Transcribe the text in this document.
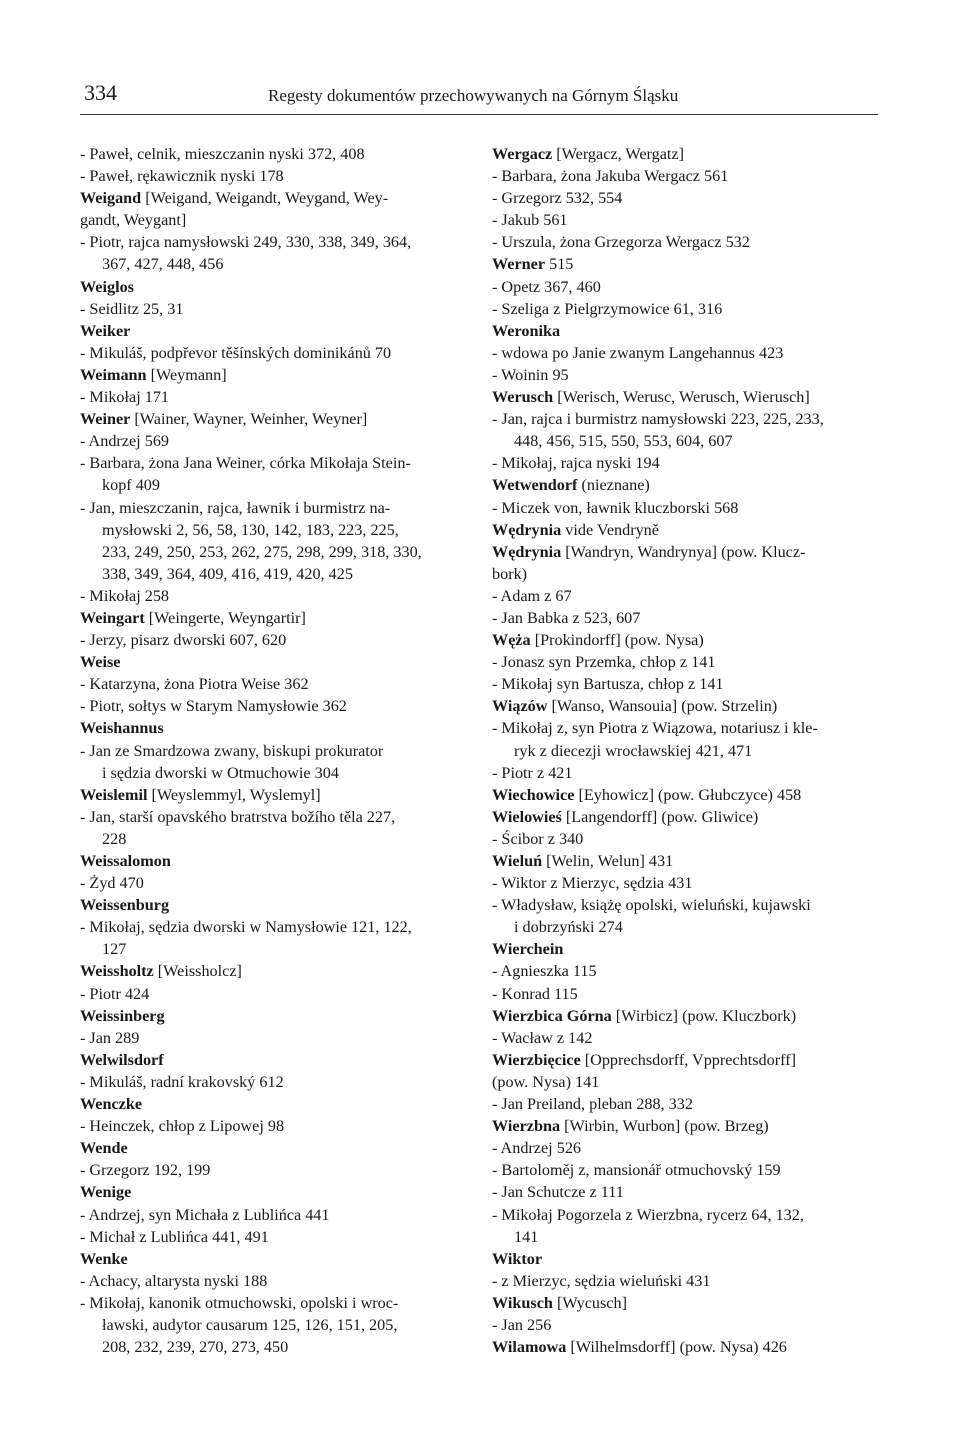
334	Regesty dokumentów przechowywanych na Górnym Śląsku
- Paweł, celnik, mieszczanin nyski 372, 408
- Paweł, rękawicznik nyski 178
Weigand [Weigand, Weigandt, Weygand, Wey-
gandt, Weygant]
- Piotr, rajca namysłowski 249, 330, 338, 349, 364,
367, 427, 448, 456
Weiglos
- Seidlitz 25, 31
Weiker
- Mikuláš, podpřevor těšínských dominikánů 70
Weimann [Weymann]
- Mikołaj 171
Weiner [Wainer, Wayner, Weinher, Weyner]
- Andrzej 569
- Barbara, żona Jana Weiner, córka Mikołaja Stein-
kopf 409
- Jan, mieszczanin, rajca, ławnik i burmistrz na-
mysłowski 2, 56, 58, 130, 142, 183, 223, 225,
233, 249, 250, 253, 262, 275, 298, 299, 318, 330,
338, 349, 364, 409, 416, 419, 420, 425
- Mikołaj 258
Weingart [Weingerte, Weyngartir]
- Jerzy, pisarz dworski 607, 620
Weise
- Katarzyna, żona Piotra Weise 362
- Piotr, sołtys w Starym Namysłowie 362
Weishannus
- Jan ze Smardzowa zwany, biskupi prokurator
i sędzia dworski w Otmuchowie 304
Weislemil [Weyslemmyl, Wyslemyl]
- Jan, starší opavského bratrstva božího těla 227,
228
Weissalomon
- Żyd 470
Weissenburg
- Mikołaj, sędzia dworski w Namysłowie 121, 122,
127
Weissholtz [Weissholcz]
- Piotr 424
Weissinberg
- Jan 289
Welwilsdorf
- Mikuláš, radní krakovský 612
Wenczke
- Heinczek, chłop z Lipowej 98
Wende
- Grzegorz 192, 199
Wenige
- Andrzej, syn Michała z Lublińca 441
- Michał z Lublińca 441, 491
Wenke
- Achacy, altarysta nyski 188
- Mikołaj, kanonik otmuchowski, opolski i wroc-
ławski, audytor causarum 125, 126, 151, 205,
208, 232, 239, 270, 273, 450
Wergacz [Wergacz, Wergatz]
- Barbara, żona Jakuba Wergacz 561
- Grzegorz 532, 554
- Jakub 561
- Urszula, żona Grzegorza Wergacz 532
Werner 515
- Opetz 367, 460
- Szeliga z Pielgrzymowice 61, 316
Weronika
- wdowa po Janie zwanym Langehannus 423
- Woinin 95
Werusch [Werisch, Werusc, Werusch, Wierusch]
- Jan, rajca i burmistrz namysłowski 223, 225, 233,
448, 456, 515, 550, 553, 604, 607
- Mikołaj, rajca nyski 194
Wetwendorf (nieznane)
- Miczek von, ławnik kluczborski 568
Wędrynia vide Vendryně
Wędrynia [Wandryn, Wandrynya] (pow. Klucz-
bork)
- Adam z 67
- Jan Babka z 523, 607
Węża [Prokindorff] (pow. Nysa)
- Jonasz syn Przemka, chłop z 141
- Mikołaj syn Bartusza, chłop z 141
Wiązów [Wanso, Wansouia] (pow. Strzelin)
- Mikołaj z, syn Piotra z Wiązowa, notariusz i kle-
ryk z diecezji wrocławskiej 421, 471
- Piotr z 421
Wiechowice [Eyhowicz] (pow. Głubczyce) 458
Wielowieś [Langendorff] (pow. Gliwice)
- Ścibor z 340
Wieluń [Welin, Welun] 431
- Wiktor z Mierzyc, sędzia 431
- Władysław, książę opolski, wieluński, kujawski
i dobrzyński 274
Wierchein
- Agnieszka 115
- Konrad 115
Wierzbica Górna [Wirbicz] (pow. Kluczbork)
- Wacław z 142
Wierzbięcice [Opprechsdorff, Vpprechtsdorff]
(pow. Nysa) 141
- Jan Preiland, pleban 288, 332
Wierzbna [Wirbin, Wurbon] (pow. Brzeg)
- Andrzej 526
- Bartoloměj z, mansionář otmuchovský 159
- Jan Schutcze z 111
- Mikołaj Pogorzela z Wierzbna, rycerz 64, 132,
141
Wiktor
- z Mierzyc, sędzia wieluński 431
Wikusch [Wycusch]
- Jan 256
Wilamowa [Wilhelmsdorff] (pow. Nysa) 426
